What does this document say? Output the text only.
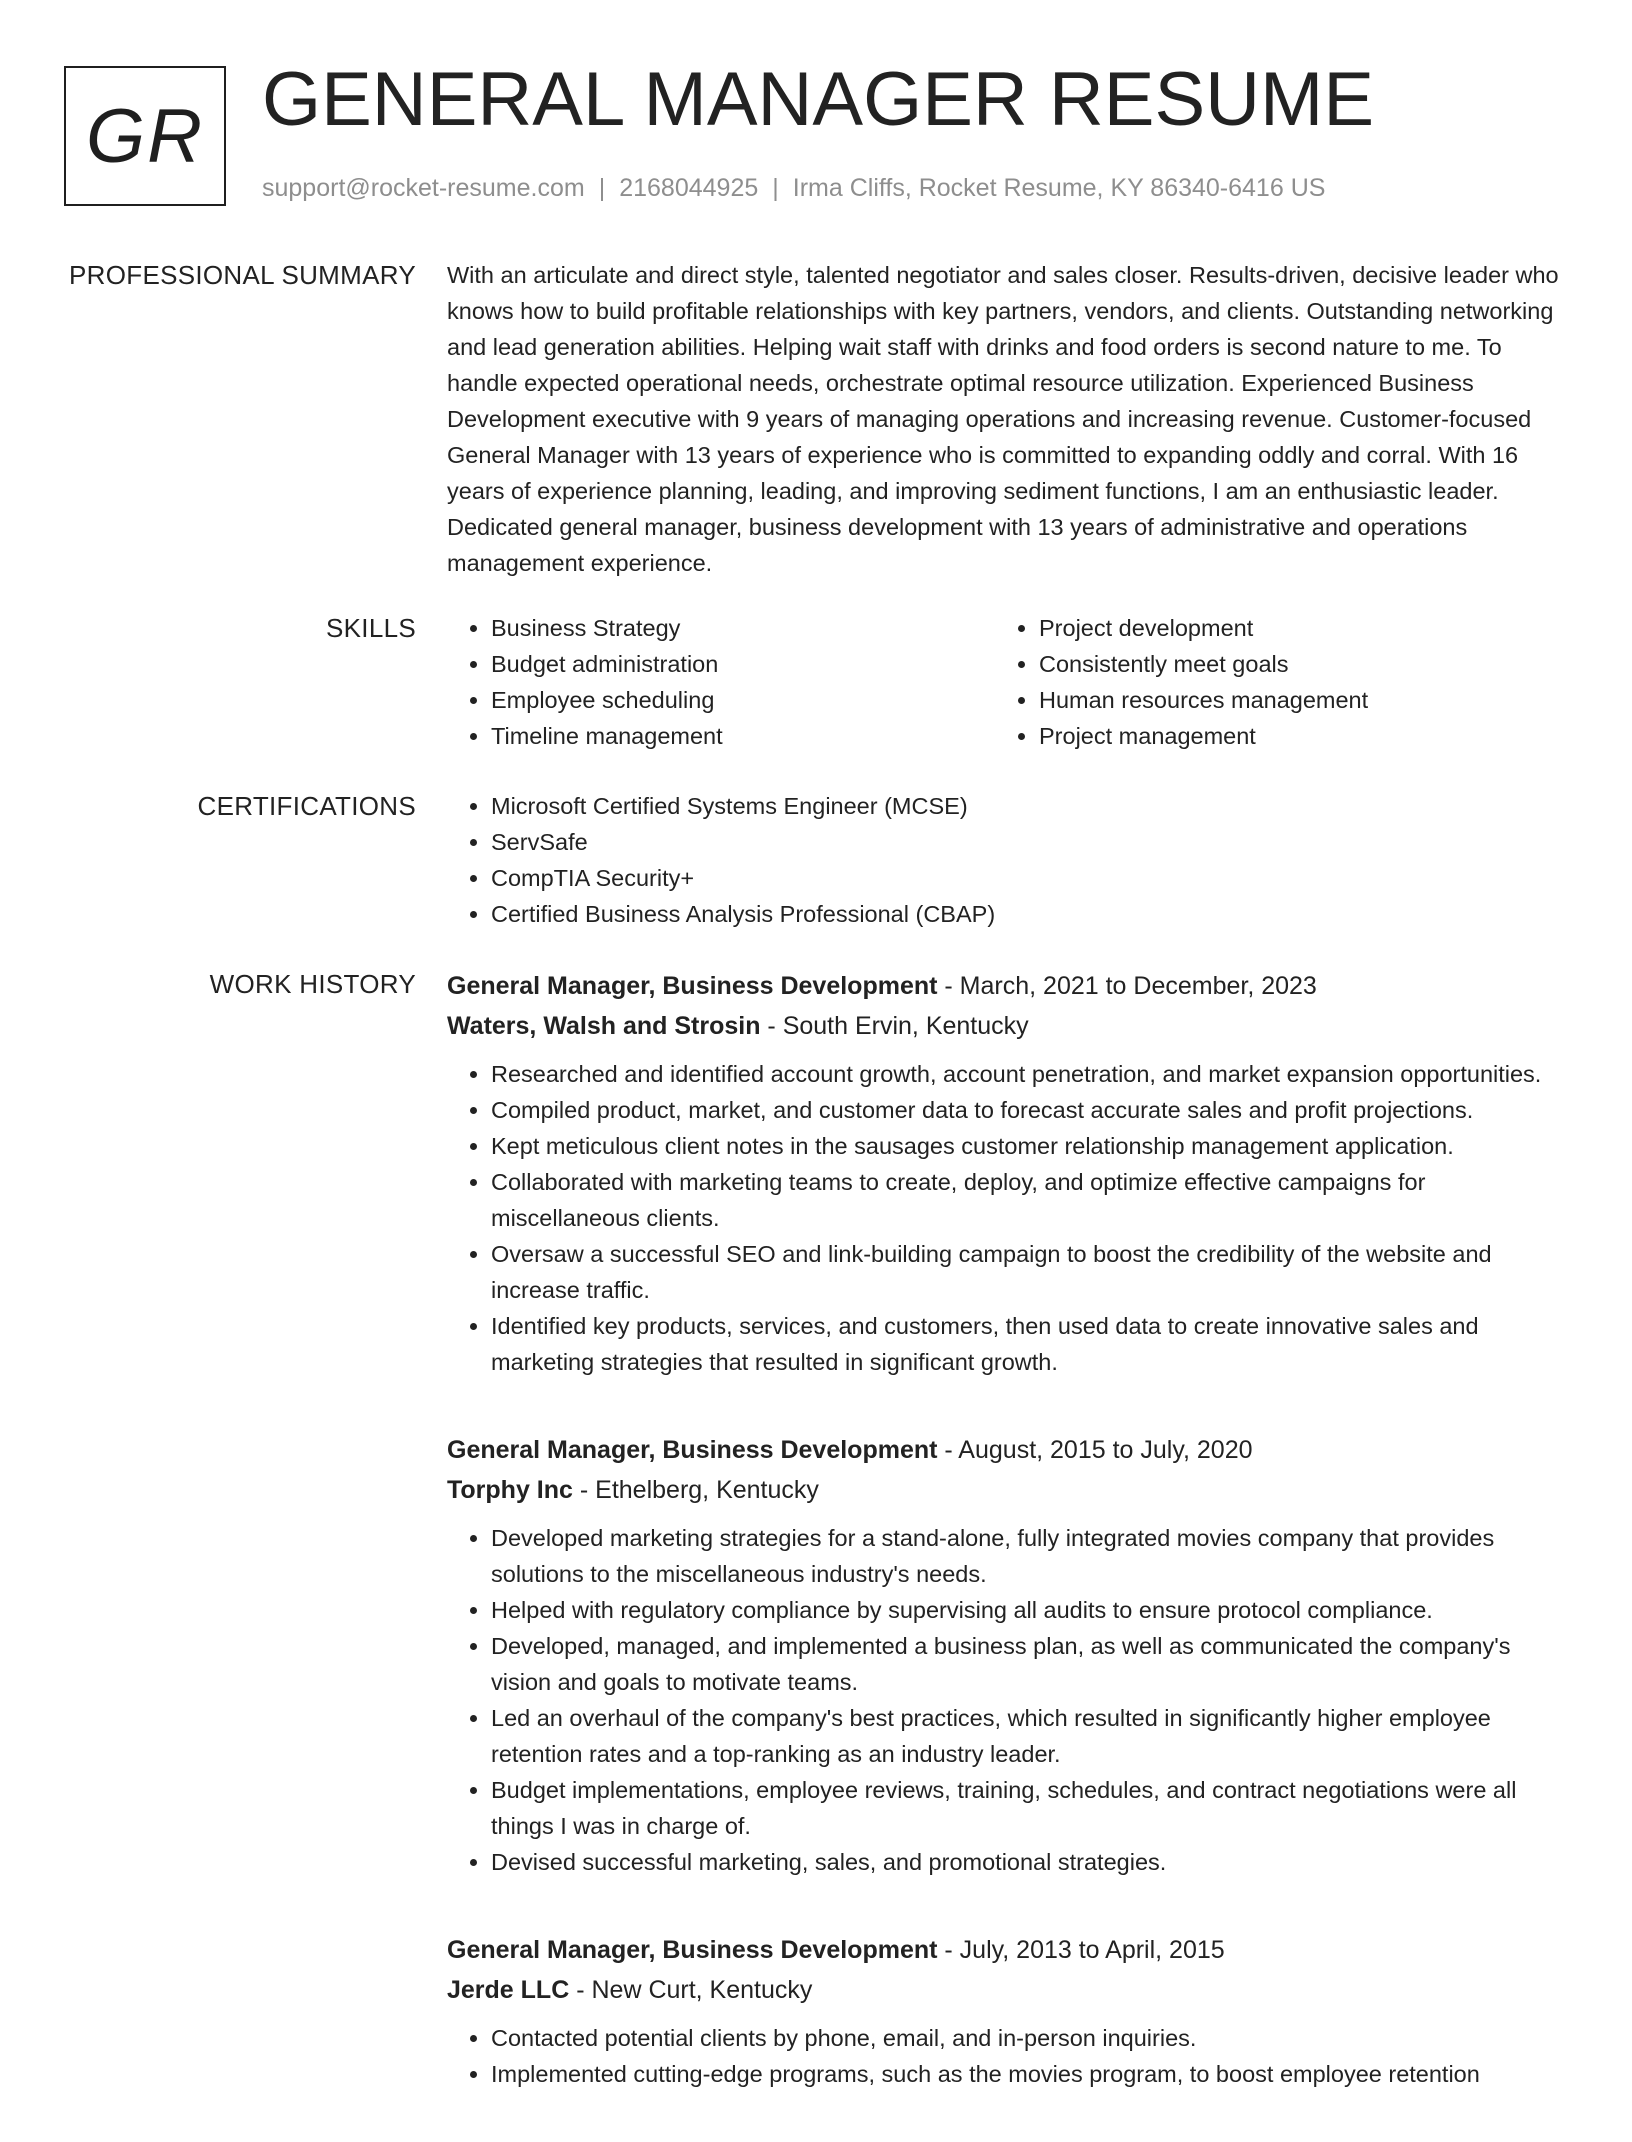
GR GENERAL MANAGER RESUME
support@rocket-resume.com | 2168044925 | Irma Cliffs, Rocket Resume, KY 86340-6416 US
PROFESSIONAL SUMMARY With an articulate and direct style, talented negotiator and sales closer. Results-driven, decisive leader who knows how to build profitable relationships with key partners, vendors, and clients. Outstanding networking and lead generation abilities. Helping wait staff with drinks and food orders is second nature to me. To handle expected operational needs, orchestrate optimal resource utilization. Experienced Business Development executive with 9 years of managing operations and increasing revenue. Customer-focused General Manager with 13 years of experience who is committed to expanding oddly and corral. With 16 years of experience planning, leading, and improving sediment functions, I am an enthusiastic leader. Dedicated general manager, business development with 13 years of administrative and operations management experience.

SKILLS	• Business Strategy
• Budget administration
• Employee scheduling
• Timeline management
• Project development
• Consistently meet goals
• Human resources management
• Project management
CERTIFICATIONS	• Microsoft Certified Systems Engineer (MCSE)
• ServSafe
• CompTIA Security+
• Certified Business Analysis Professional (CBAP)
WORK HISTORY General Manager, Business Development - March, 2021 to December, 2023
Waters, Walsh and Strosin - South Ervin, Kentucky
• Researched and identified account growth, account penetration, and market expansion opportunities.
• Compiled product, market, and customer data to forecast accurate sales and profit projections.
• Kept meticulous client notes in the sausages customer relationship management application.
• Collaborated with marketing teams to create, deploy, and optimize effective campaigns for miscellaneous clients.
• Oversaw a successful SEO and link-building campaign to boost the credibility of the website and increase traffic.
• Identified key products, services, and customers, then used data to create innovative sales and marketing strategies that resulted in significant growth.
General Manager, Business Development - August, 2015 to July, 2020
Torphy Inc - Ethelberg, Kentucky
• Developed marketing strategies for a stand-alone, fully integrated movies company that provides solutions to the miscellaneous industry's needs.
• Helped with regulatory compliance by supervising all audits to ensure protocol compliance.
• Developed, managed, and implemented a business plan, as well as communicated the company's vision and goals to motivate teams.
• Led an overhaul of the company's best practices, which resulted in significantly higher employee retention rates and a top-ranking as an industry leader.
• Budget implementations, employee reviews, training, schedules, and contract negotiations were all things I was in charge of.
• Devised successful marketing, sales, and promotional strategies.
General Manager, Business Development - July, 2013 to April, 2015
Jerde LLC - New Curt, Kentucky
• Contacted potential clients by phone, email, and in-person inquiries.
• Implemented cutting-edge programs, such as the movies program, to boost employee retention
